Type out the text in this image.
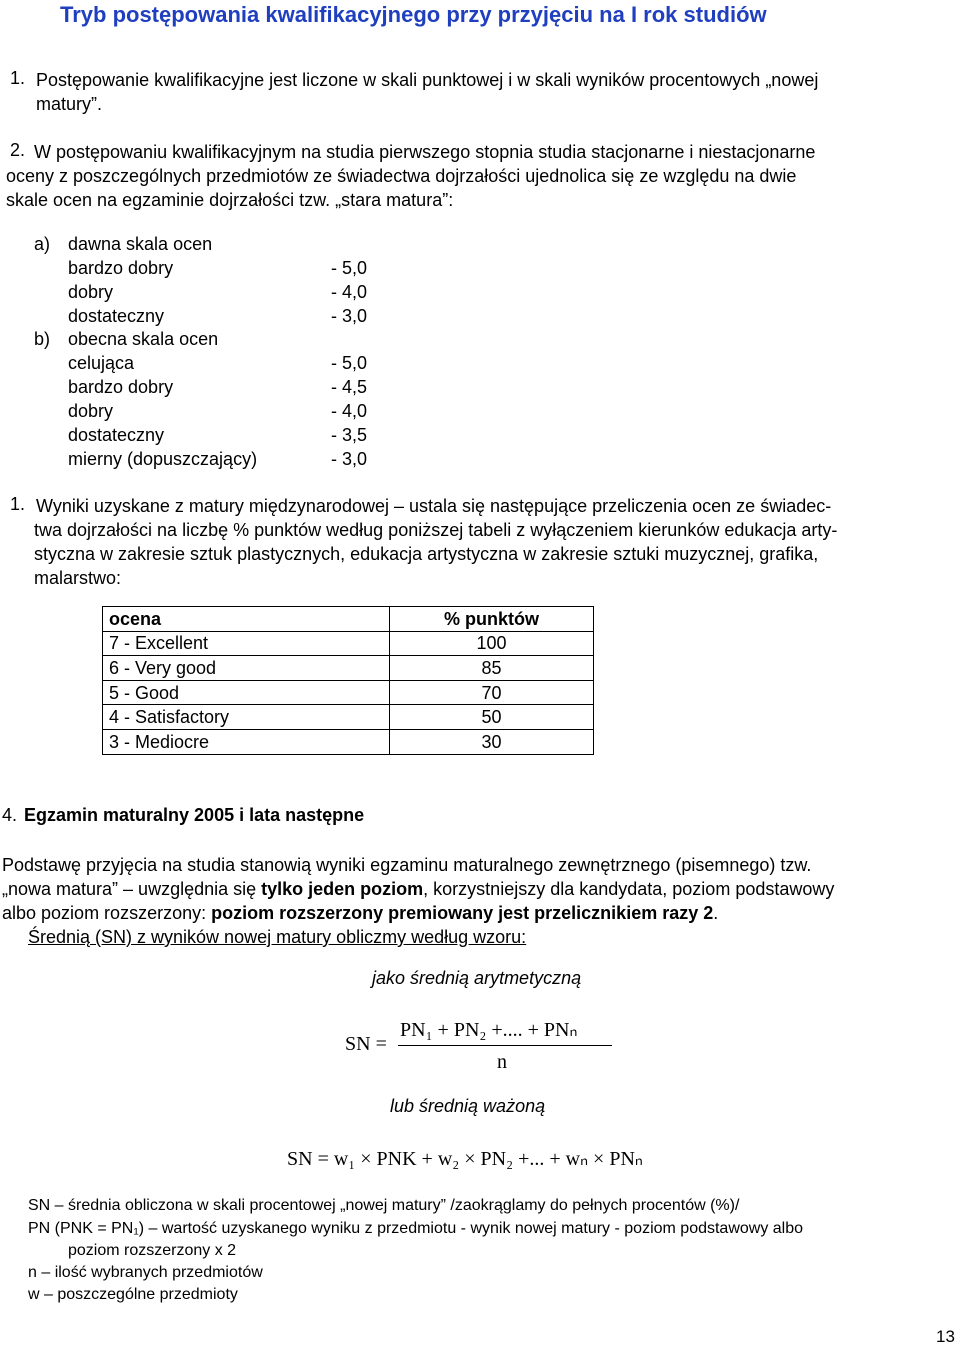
Tryb postępowania kwalifikacyjnego przy przyjęciu na I rok studiów
1. Postępowanie kwalifikacyjne jest liczone w skali punktowej i w skali wyników procentowych „nowej
matury”.
2. W postępowaniu kwalifikacyjnym na studia pierwszego stopnia studia stacjonarne i niestacjonarne
oceny z poszczególnych przedmiotów ze świadectwa dojrzałości ujednolica się ze względu na dwie
skale ocen na egzaminie dojrzałości tzw. „stara matura”:
a) dawna skala ocen
bardzo dobry	- 5,0
dobry	- 4,0
dostateczny	- 3,0
b) obecna skala ocen
celująca	- 5,0
bardzo dobry	- 4,5
dobry	- 4,0
dostateczny	- 3,5
mierny (dopuszczający)	- 3,0
1. Wyniki uzyskane z matury międzynarodowej – ustala się następujące przeliczenia ocen ze świadec-
twa dojrzałości na liczbę % punktów według poniższej tabeli z wyłączeniem kierunków edukacja arty-
styczna w zakresie sztuk plastycznych, edukacja artystyczna w zakresie sztuki muzycznej, grafika,
malarstwo:
ocena	% punktów
7 - Excellent	100
6 - Very good	85
5 - Good	70
4 - Satisfactory	50
3 - Mediocre	30
4. Egzamin maturalny 2005 i lata następne
Podstawę przyjęcia na studia stanowią wyniki egzaminu maturalnego zewnętrznego (pisemnego) tzw.
„nowa matura” – uwzględnia się tylko jeden poziom, korzystniejszy dla kandydata, poziom podstawowy
albo poziom rozszerzony: poziom rozszerzony premiowany jest przelicznikiem razy 2.
Średnią (SN) z wyników nowej matury obliczmy według wzoru:
jako średnią arytmetyczną
SN =
PN₁ + PN₂ +.... + PNₙ
n
lub średnią ważoną
SN = w₁ × PNK + w₂ × PN₂ +... + wₙ × PNₙ
SN – średnia obliczona w skali procentowej „nowej matury” /zaokrąglamy do pełnych procentów (%)/
PN (PNK = PN₁) – wartość uzyskanego wyniku z przedmiotu - wynik nowej matury - poziom podstawowy albo
poziom rozszerzony x 2
n – ilość wybranych przedmiotów
w – poszczególne przedmioty
13
